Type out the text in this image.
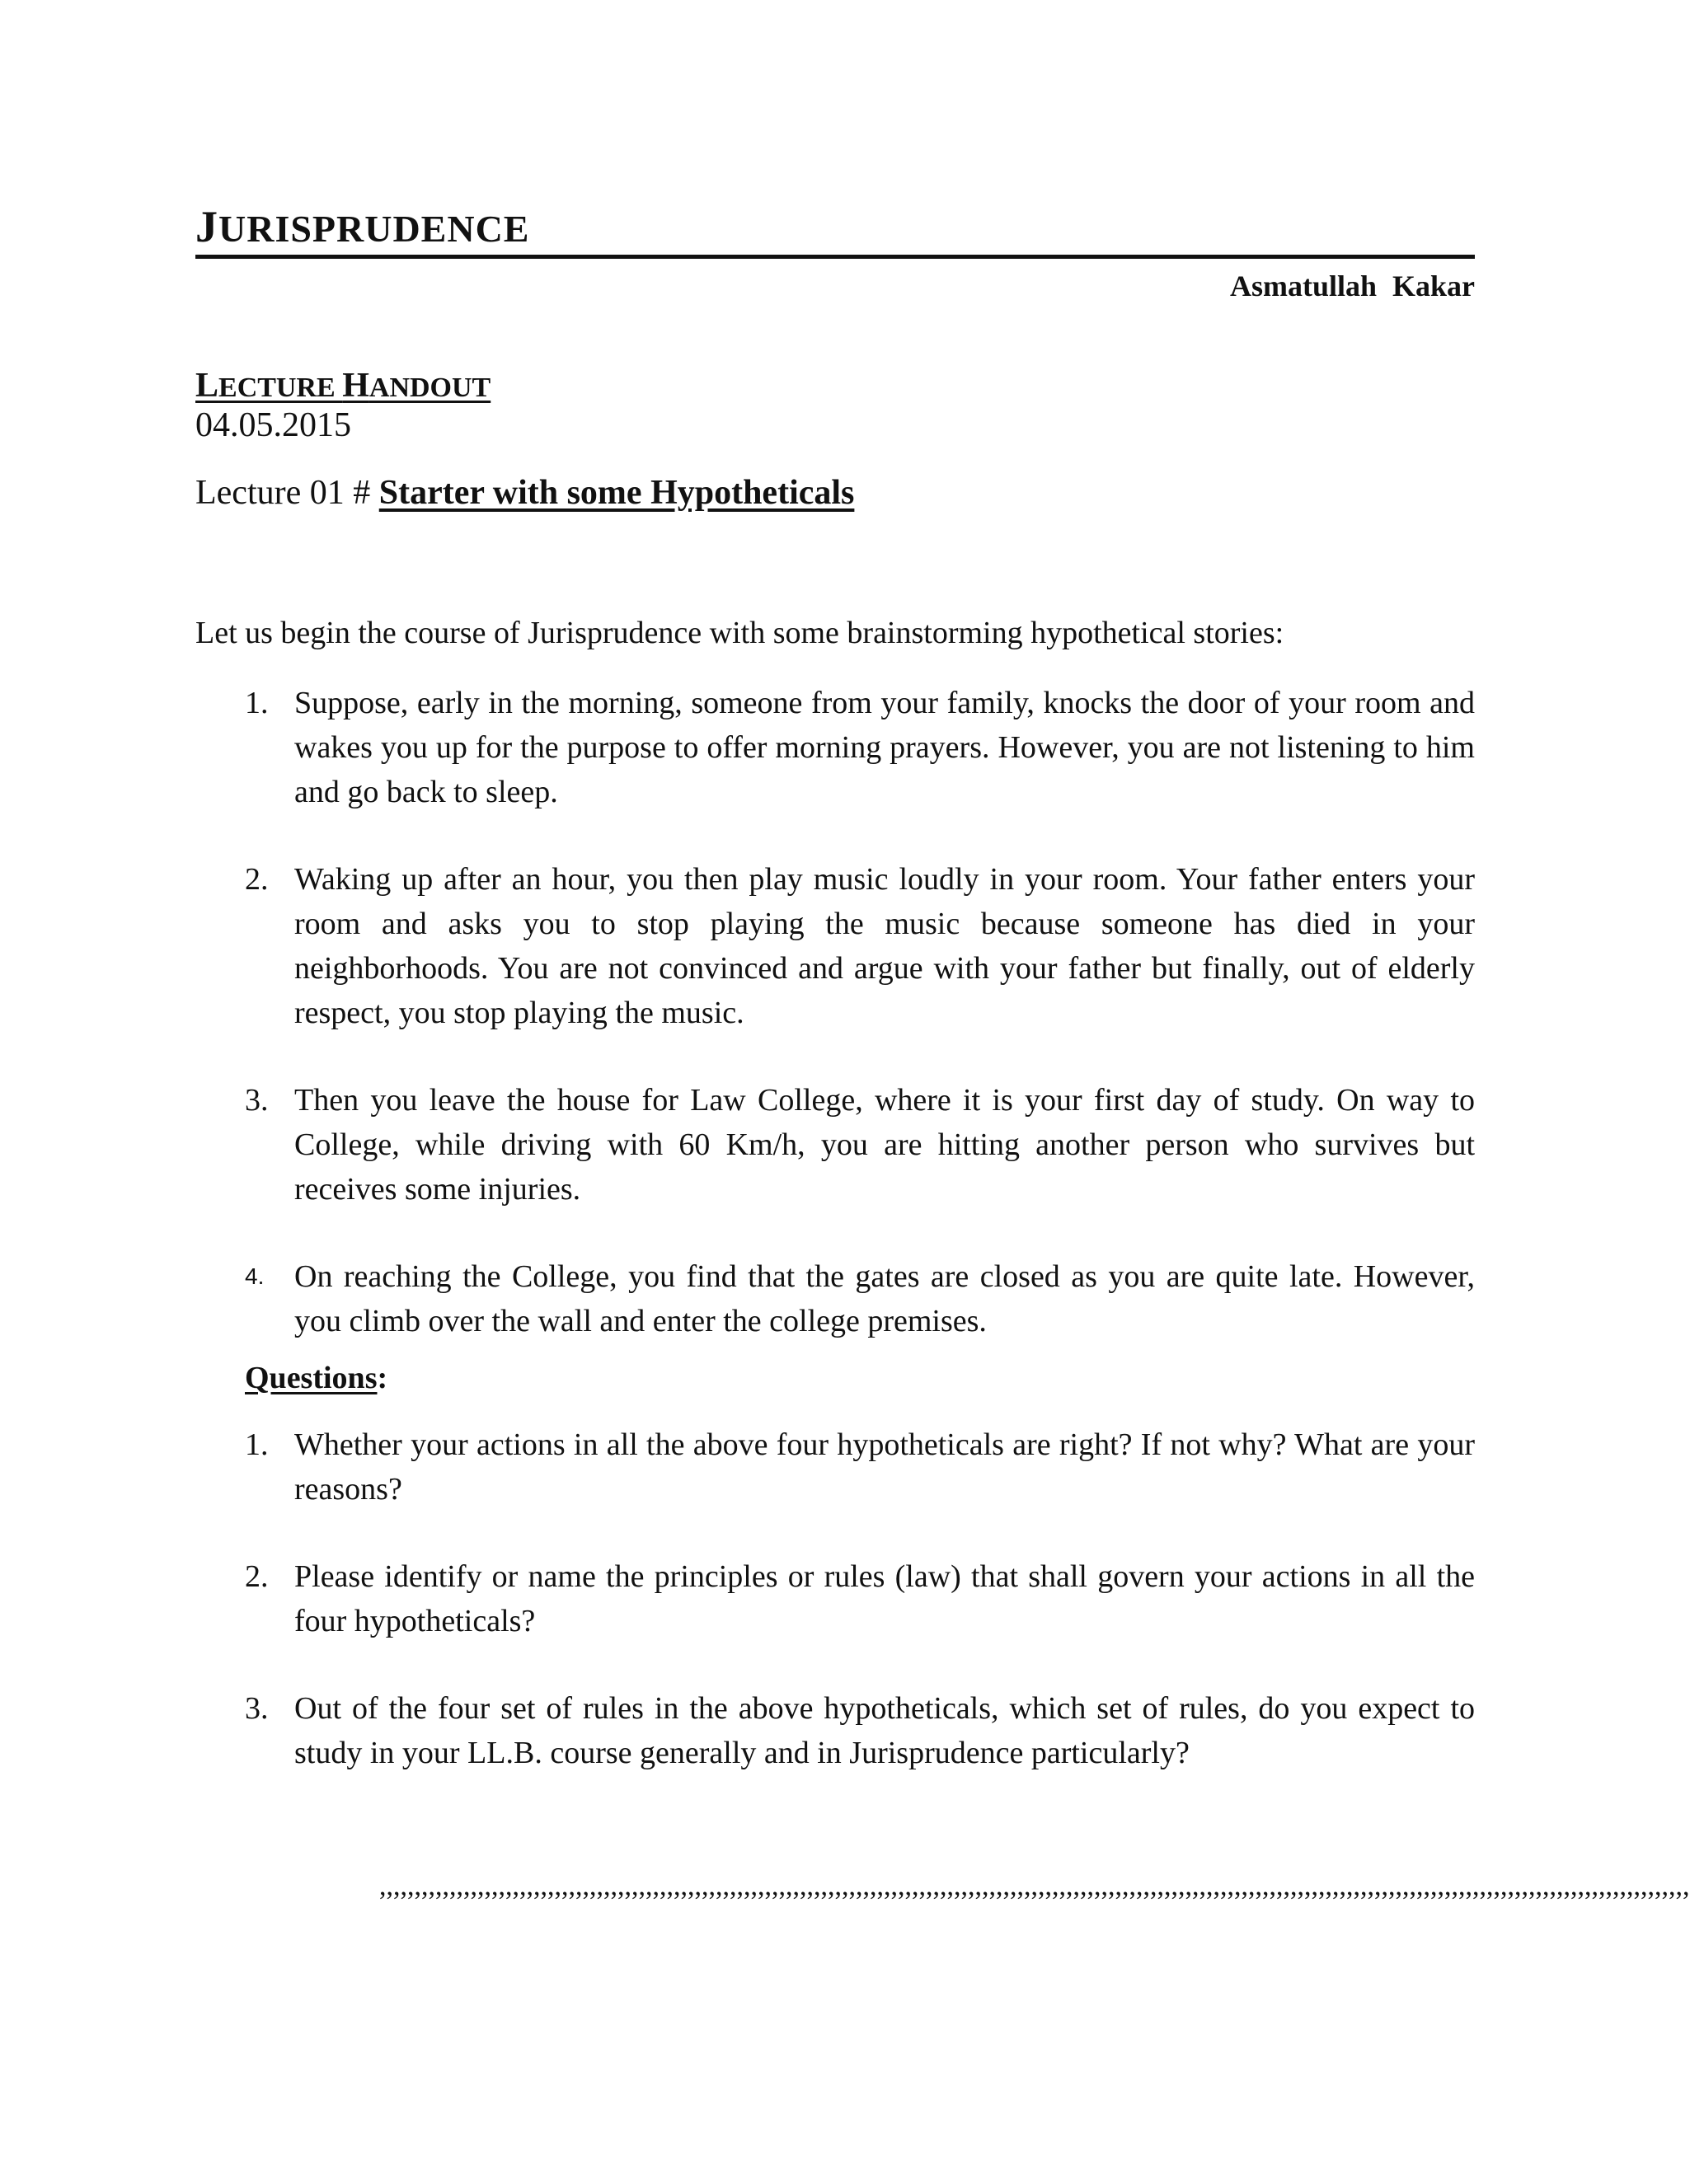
JURISPRUDENCE
Asmatullah Kakar
LECTURE HANDOUT
04.05.2015
Lecture 01 # Starter with some Hypotheticals
Let us begin the course of Jurisprudence with some brainstorming hypothetical stories:
1. Suppose, early in the morning, someone from your family, knocks the door of your room and wakes you up for the purpose to offer morning prayers. However, you are not listening to him and go back to sleep.
2. Waking up after an hour, you then play music loudly in your room. Your father enters your room and asks you to stop playing the music because someone has died in your neighborhoods. You are not convinced and argue with your father but finally, out of elderly respect, you stop playing the music.
3. Then you leave the house for Law College, where it is your first day of study. On way to College, while driving with 60 Km/h, you are hitting another person who survives but receives some injuries.
4. On reaching the College, you find that the gates are closed as you are quite late. However, you climb over the wall and enter the college premises.
Questions:
1. Whether your actions in all the above four hypotheticals are right? If not why? What are your reasons?
2. Please identify or name the principles or rules (law) that shall govern your actions in all the four hypotheticals?
3. Out of the four set of rules in the above hypotheticals, which set of rules, do you expect to study in your LL.B. course generally and in Jurisprudence particularly?
,,,,,,,,,,,,,,,,,,,,,,,,,,,,,,,,,,,,,,,,,,,,,,,,,,,,,,,,,,,,,,,,,,,,,,,,,,,,,,,,,,,,,,,,,,,,,,,,,,,,,,,,,,,,,,,,,,,,,,,,,,,,,,,,,,,,,,,,,,,,,,,,,,,,,,,,,,,,,,,,,,,,,,,,,,,,,,,,,,,,,,,,,,,
